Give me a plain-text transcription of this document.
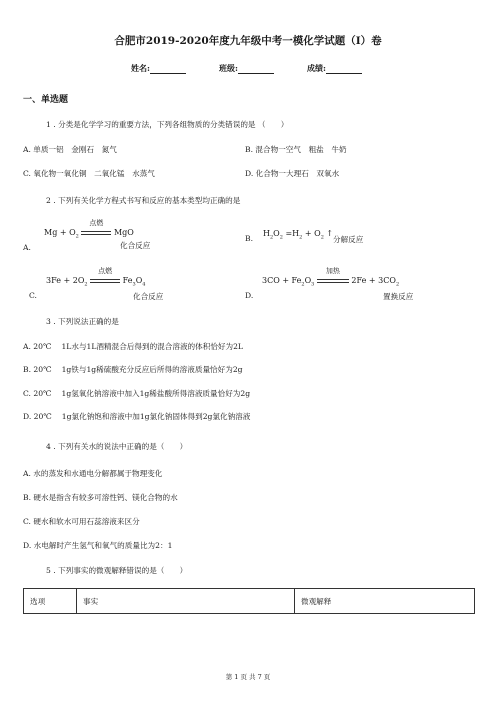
合肥市2019-2020年度九年级中考一模化学试题（I）卷
姓名:	班级:	成绩:
一、单选题
1 . 分类是化学学习的重要方法，下列各组物质的分类错误的是 （　　）
A. 单质一铝　金刚石　氮气	B. 混合物一空气　粗盐　牛奶
C. 氧化物一氧化铜　二氧化锰　水蒸气	D. 化合物一大理石　双氧水
2 . 下列有关化学方程式书写和反应的基本类型均正确的是
$Mg + O_2$
点燃
MgO
A.	化合反应
B.
$H_2O_2 =H_2 + O_2$ ↑
分解反应
$3Fe + 2O_2$
点燃
$Fe_3O_4$
C.	化合反应
$3CO + Fe_2O_3$
加热
$2Fe + 3CO_2$
D.	置换反应
3 . 下列说法正确的是
A. 20℃　 1L水与1L酒精混合后得到的混合溶液的体积恰好为2L
B. 20℃　 1g铁与1g稀硫酸充分反应后所得的溶液质量恰好为2g
C. 20℃　 1g氢氧化钠溶液中加入1g稀盐酸所得溶液质量恰好为2g
D. 20℃　 1g氯化钠饱和溶液中加1g氯化钠固体得到2g氯化钠溶液
4 . 下列有关水的说法中正确的是（　　）
A. 水的蒸发和水通电分解都属于物理变化
B. 硬水是指含有较多可溶性钙、镁化合物的水
C. 硬水和软水可用石蕊溶液来区分
D. 水电解时产生氢气和氧气的质量比为2：1
5 . 下列事实的微观解释错误的是（　　）
选项	事实	微观解释
第 1 页 共 7 页
